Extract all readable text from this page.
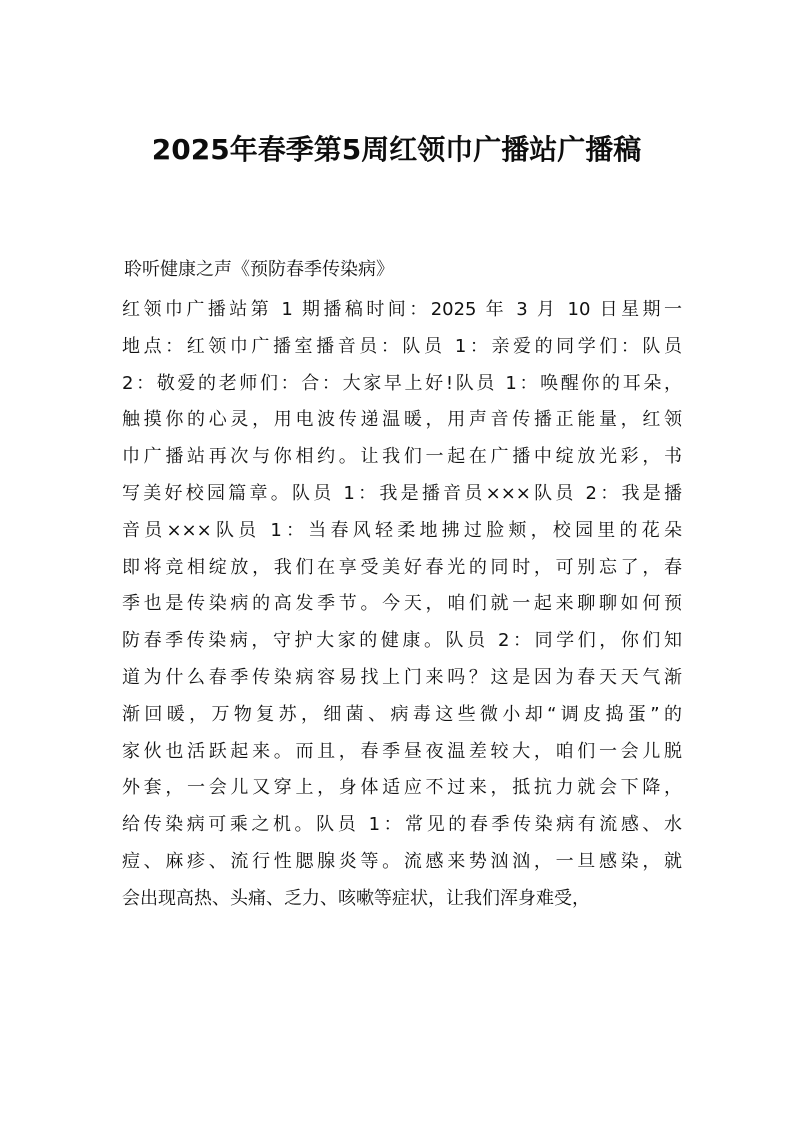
2025年春季第5周红领巾广播站广播稿

聆听健康之声《预防春季传染病》

红领巾广播站第 1 期播稿时间：2025 年 3 月 10 日星期一
地点：红领巾广播室播音员：队员 1：亲爱的同学们：队员
2：敬爱的老师们：合：大家早上好!队员 1：唤醒你的耳朵，
触摸你的心灵，用电波传递温暖，用声音传播正能量，红领
巾广播站再次与你相约。让我们一起在广播中绽放光彩，书
写美好校园篇章。队员 1：我是播音员×××队员 2：我是播
音员×××队员 1：当春风轻柔地拂过脸颊，校园里的花朵
即将竞相绽放，我们在享受美好春光的同时，可别忘了，春
季也是传染病的高发季节。今天，咱们就一起来聊聊如何预
防春季传染病，守护大家的健康。队员 2：同学们，你们知
道为什么春季传染病容易找上门来吗？这是因为春天天气渐
渐回暖，万物复苏，细菌、病毒这些微小却“调皮捣蛋”的
家伙也活跃起来。而且，春季昼夜温差较大，咱们一会儿脱
外套，一会儿又穿上，身体适应不过来，抵抗力就会下降，
给传染病可乘之机。队员 1：常见的春季传染病有流感、水
痘、麻疹、流行性腮腺炎等。流感来势汹汹，一旦感染，就
会出现高热、头痛、乏力、咳嗽等症状，让我们浑身难受，
